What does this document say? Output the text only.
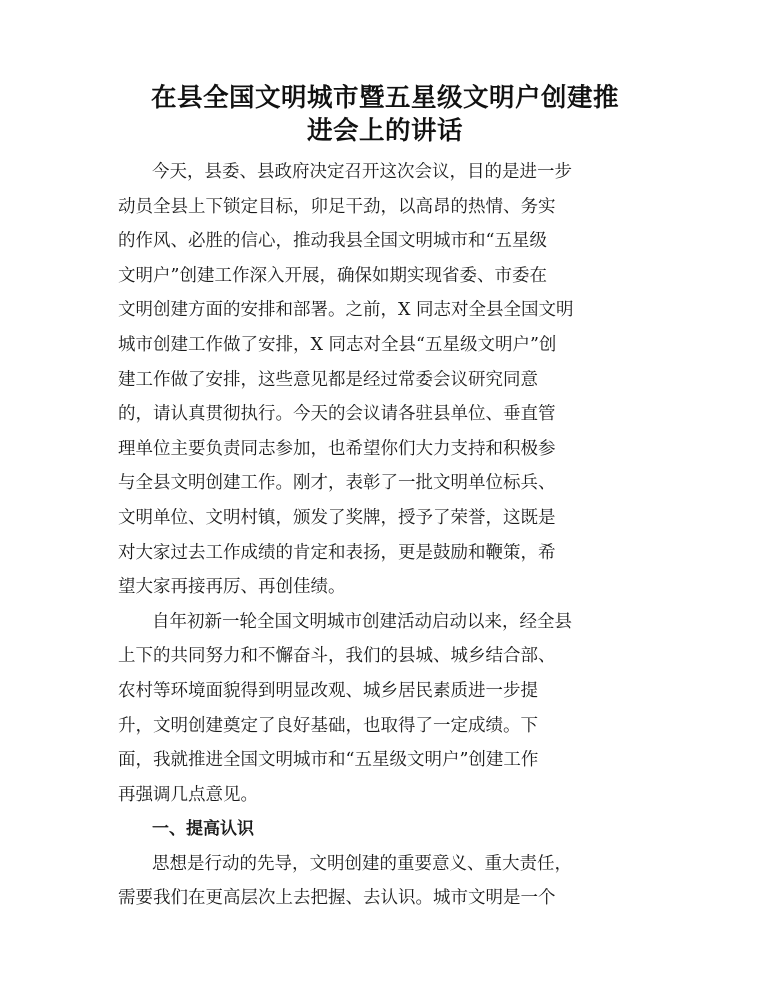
在县全国文明城市暨五星级文明户创建推
进会上的讲话
今天，县委、县政府决定召开这次会议，目的是进一步
动员全县上下锁定目标，卯足干劲，以高昂的热情、务实
的作风、必胜的信心，推动我县全国文明城市和“五星级
文明户”创建工作深入开展，确保如期实现省委、市委在
文明创建方面的安排和部署。之前，X 同志对全县全国文明
城市创建工作做了安排，X 同志对全县“五星级文明户”创
建工作做了安排，这些意见都是经过常委会议研究同意
的，请认真贯彻执行。今天的会议请各驻县单位、垂直管
理单位主要负责同志参加，也希望你们大力支持和积极参
与全县文明创建工作。刚才，表彰了一批文明单位标兵、
文明单位、文明村镇，颁发了奖牌，授予了荣誉，这既是
对大家过去工作成绩的肯定和表扬，更是鼓励和鞭策，希
望大家再接再厉、再创佳绩。
自年初新一轮全国文明城市创建活动启动以来，经全县
上下的共同努力和不懈奋斗，我们的县城、城乡结合部、
农村等环境面貌得到明显改观、城乡居民素质进一步提
升，文明创建奠定了良好基础，也取得了一定成绩。下
面，我就推进全国文明城市和“五星级文明户”创建工作
再强调几点意见。
一、提高认识
思想是行动的先导，文明创建的重要意义、重大责任，
需要我们在更高层次上去把握、去认识。城市文明是一个
